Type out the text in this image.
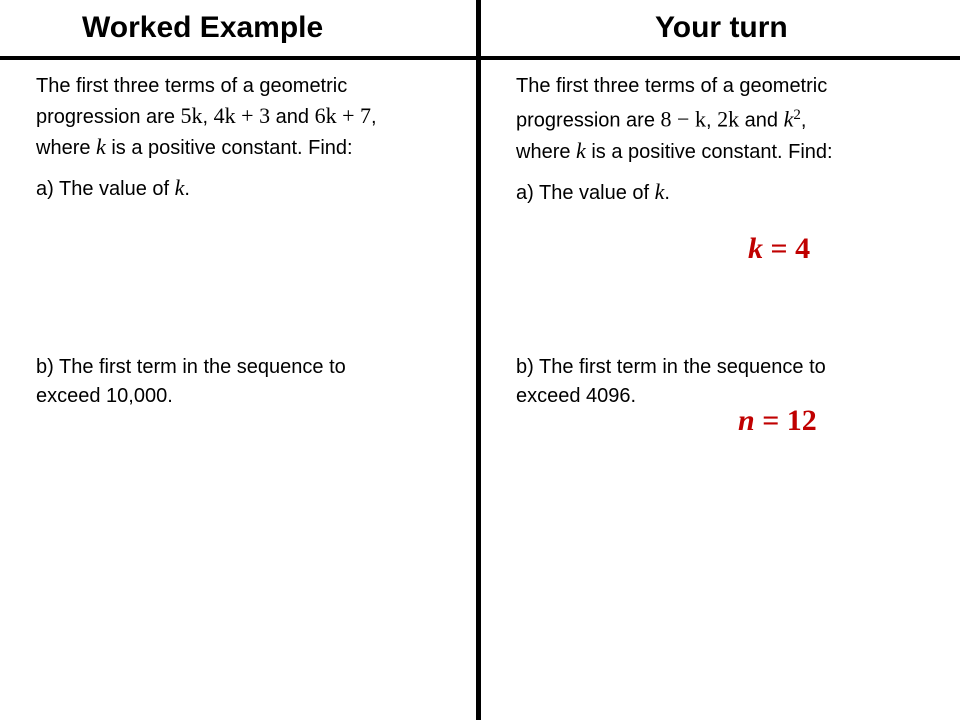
Worked Example	Your turn
The first three terms of a geometric
progression are 5k, 4k + 3 and 6k + 7,
where k is a positive constant. Find:
a) The value of k.
b) The first term in the sequence to
exceed 10,000.
The first three terms of a geometric
progression are 8 − k, 2k and $k^2$,
where k is a positive constant. Find:
a) The value of k.
b) The first term in the sequence to
exceed 4096.
k = 4
n = 12
